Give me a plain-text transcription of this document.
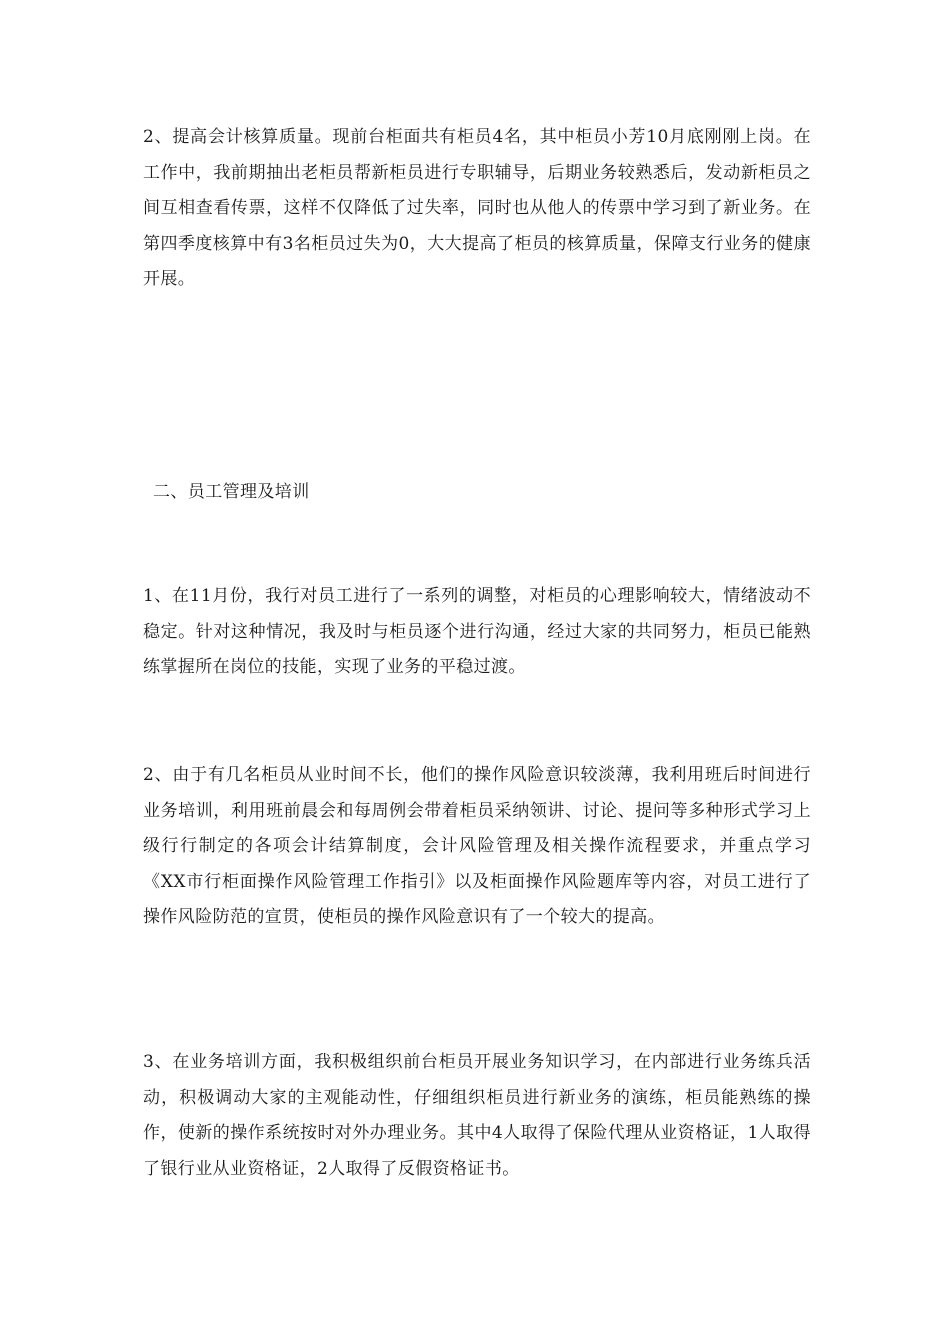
2、提高会计核算质量。现前台柜面共有柜员4名，其中柜员小芳10月底刚刚上岗。在工作中，我前期抽出老柜员帮新柜员进行专职辅导，后期业务较熟悉后，发动新柜员之间互相查看传票，这样不仅降低了过失率，同时也从他人的传票中学习到了新业务。在第四季度核算中有3名柜员过失为0，大大提高了柜员的核算质量，保障支行业务的健康开展。

二、员工管理及培训

1、在11月份，我行对员工进行了一系列的调整，对柜员的心理影响较大，情绪波动不稳定。针对这种情况，我及时与柜员逐个进行沟通，经过大家的共同努力，柜员已能熟练掌握所在岗位的技能，实现了业务的平稳过渡。

2、由于有几名柜员从业时间不长，他们的操作风险意识较淡薄，我利用班后时间进行业务培训，利用班前晨会和每周例会带着柜员采纳领讲、讨论、提问等多种形式学习上级行行制定的各项会计结算制度，会计风险管理及相关操作流程要求，并重点学习《XX市行柜面操作风险管理工作指引》以及柜面操作风险题库等内容，对员工进行了操作风险防范的宣贯，使柜员的操作风险意识有了一个较大的提高。

3、在业务培训方面，我积极组织前台柜员开展业务知识学习，在内部进行业务练兵活动，积极调动大家的主观能动性，仔细组织柜员进行新业务的演练，柜员能熟练的操作，使新的操作系统按时对外办理业务。其中4人取得了保险代理从业资格证，1人取得了银行业从业资格证，2人取得了反假资格证书。
